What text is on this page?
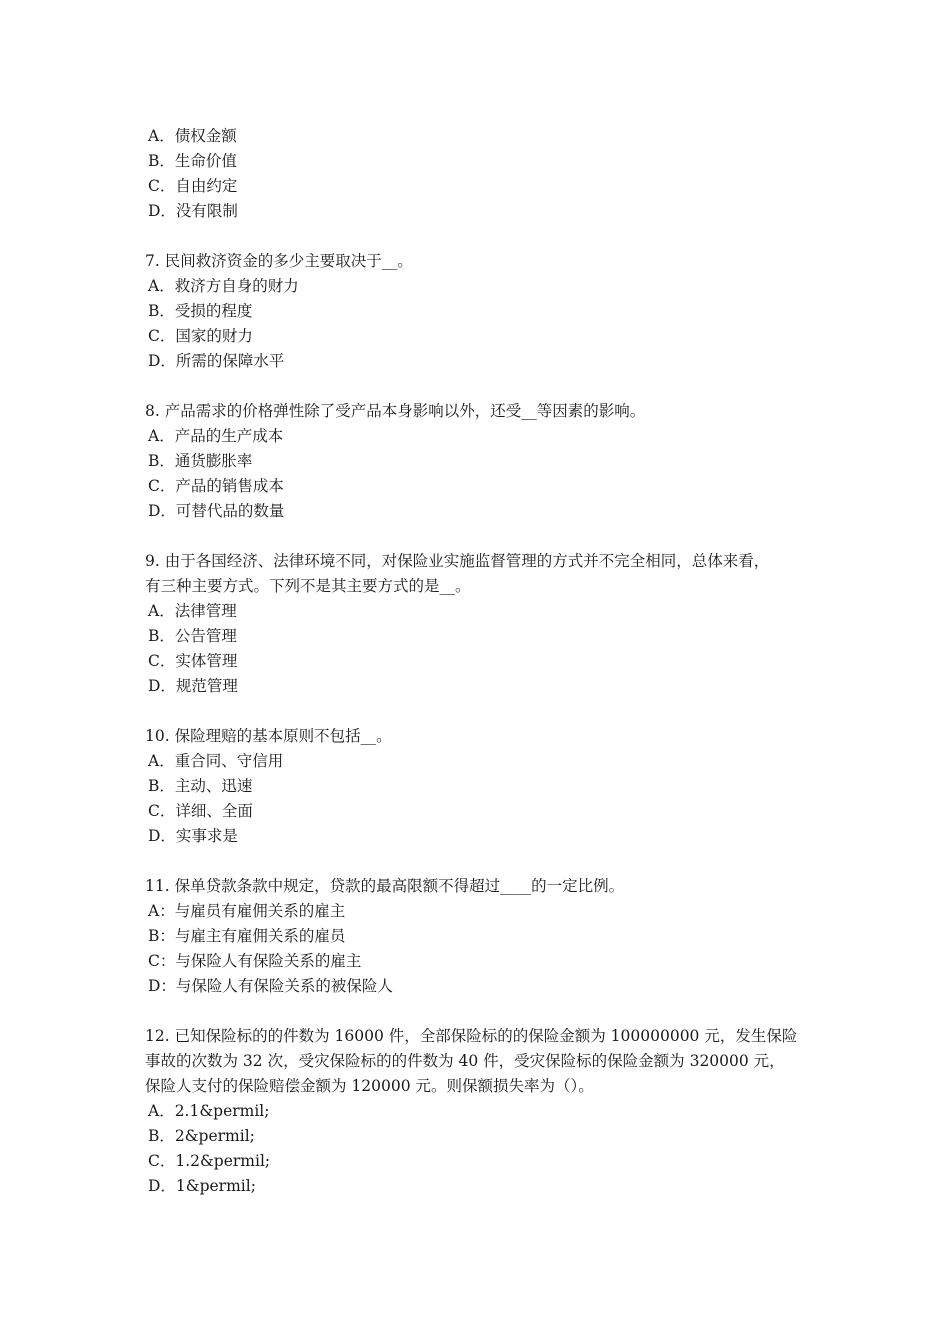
A．债权金额
B．生命价值
C．自由约定
D．没有限制
7. 民间救济资金的多少主要取决于__。
A．救济方自身的财力
B．受损的程度
C．国家的财力
D．所需的保障水平
8. 产品需求的价格弹性除了受产品本身影响以外，还受__等因素的影响。
A．产品的生产成本
B．通货膨胀率
C．产品的销售成本
D．可替代品的数量
9. 由于各国经济、法律环境不同，对保险业实施监督管理的方式并不完全相同，总体来看，
有三种主要方式。下列不是其主要方式的是__。
A．法律管理
B．公告管理
C．实体管理
D．规范管理
10. 保险理赔的基本原则不包括__。
A．重合同、守信用
B．主动、迅速
C．详细、全面
D．实事求是
11. 保单贷款条款中规定，贷款的最高限额不得超过____的一定比例。
A：与雇员有雇佣关系的雇主
B：与雇主有雇佣关系的雇员
C：与保险人有保险关系的雇主
D：与保险人有保险关系的被保险人
12. 已知保险标的的件数为 16000 件，全部保险标的的保险金额为 100000000 元，发生保险
事故的次数为 32 次，受灾保险标的的件数为 40 件，受灾保险标的保险金额为 320000 元，
保险人支付的保险赔偿金额为 120000 元。则保额损失率为（）。
A．2.1&permil;
B．2&permil;
C．1.2&permil;
D．1&permil;
